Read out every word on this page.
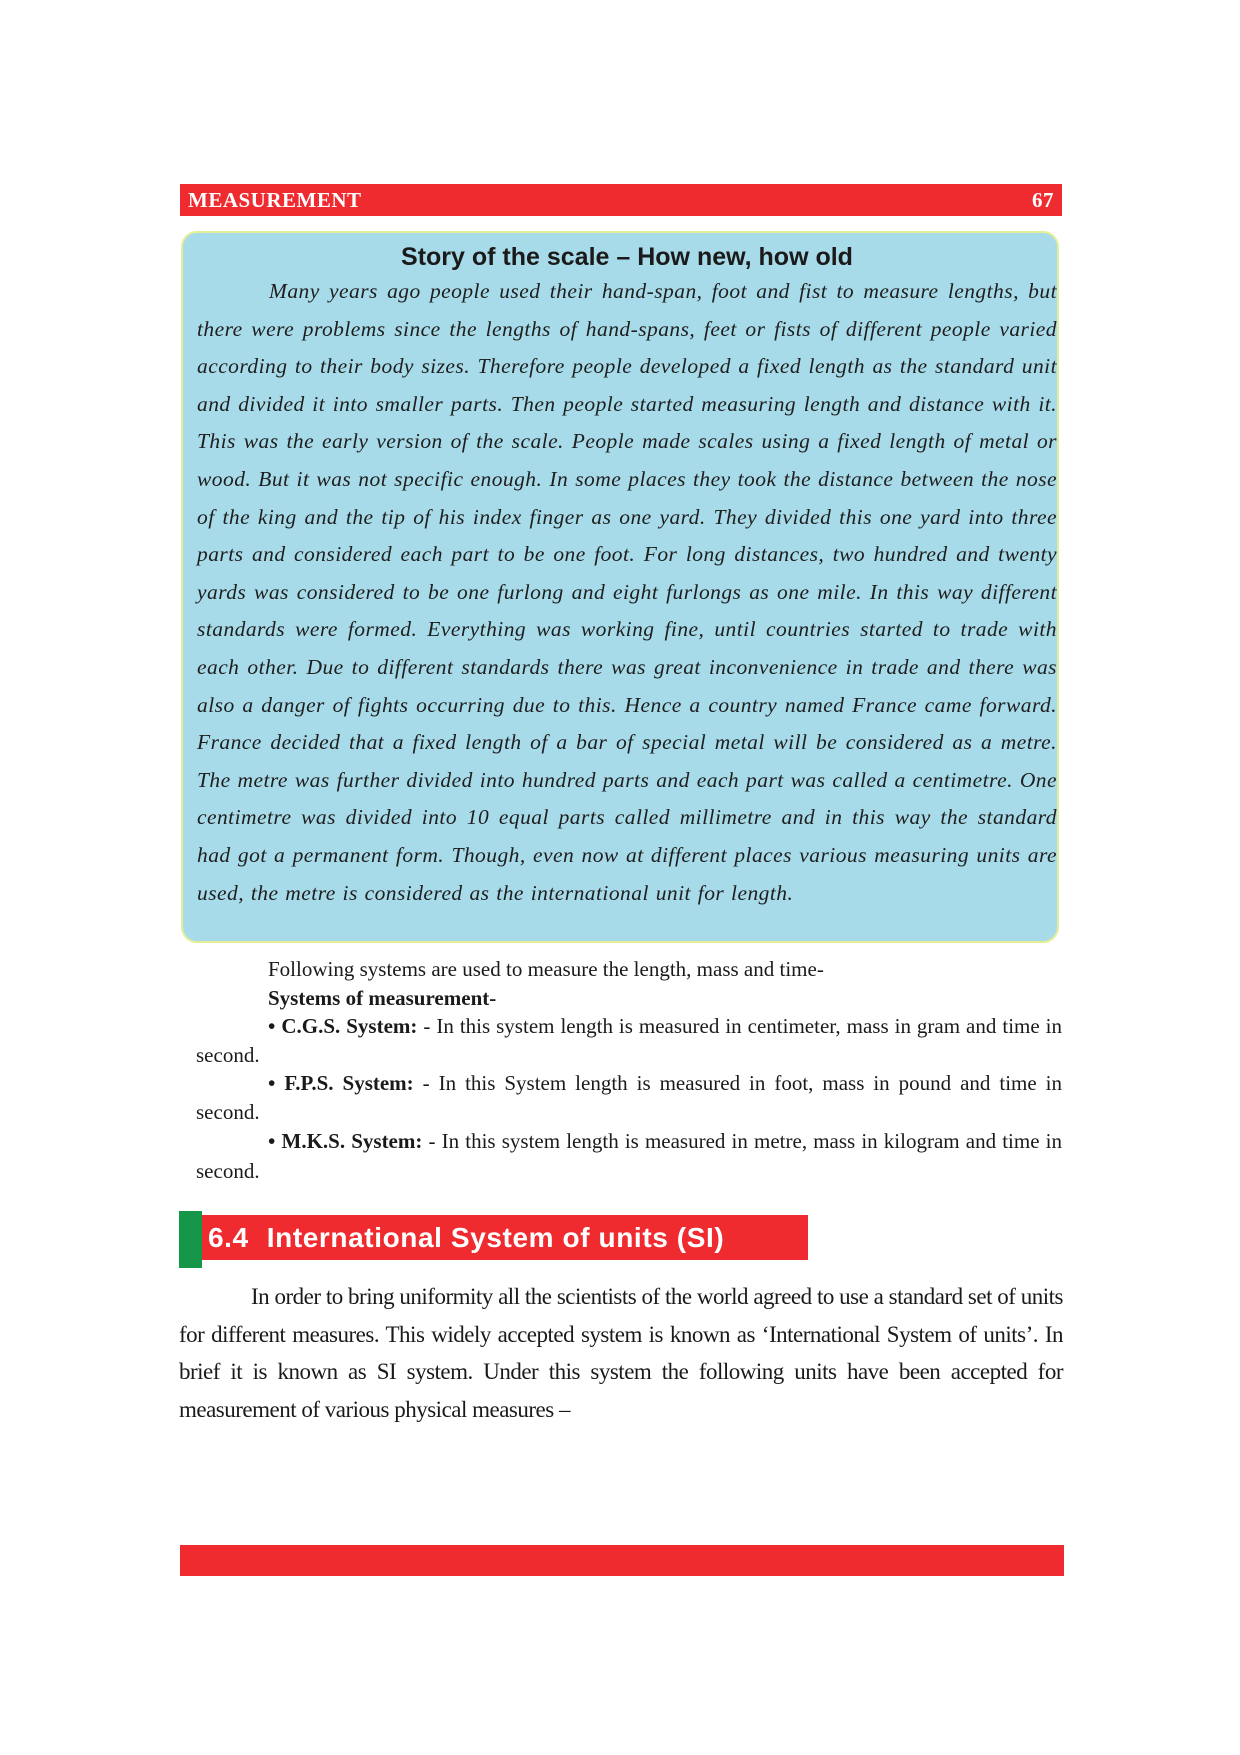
MEASUREMENT	67
Story of the scale – How new, how old

Many years ago people used their hand-span, foot and fist to measure lengths, but there were problems since the lengths of hand-spans, feet or fists of different people varied according to their body sizes. Therefore people developed a fixed length as the standard unit and divided it into smaller parts. Then people started measuring length and distance with it. This was the early version of the scale. People made scales using a fixed length of metal or wood. But it was not specific enough. In some places they took the distance between the nose of the king and the tip of his index finger as one yard. They divided this one yard into three parts and considered each part to be one foot. For long distances, two hundred and twenty yards was considered to be one furlong and eight furlongs as one mile. In this way different standards were formed. Everything was working fine, until countries started to trade with each other. Due to different standards there was great inconvenience in trade and there was also a danger of fights occurring due to this. Hence a country named France came forward. France decided that a fixed length of a bar of special metal will be considered as a metre. The metre was further divided into hundred parts and each part was called a centimetre. One centimetre was divided into 10 equal parts called millimetre and in this way the standard had got a permanent form. Though, even now at different places various measuring units are used, the metre is considered as the international unit for length.

Following systems are used to measure the length, mass and time-

Systems of measurement-

• C.G.S. System: - In this system length is measured in centimeter, mass in gram and time in second.

• F.P.S. System: - In this System length is measured in foot, mass in pound and time in second.

• M.K.S. System: - In this system length is measured in metre, mass in kilogram and time in second.

6.4 International System of units (SI)

In order to bring uniformity all the scientists of the world agreed to use a standard set of units for different measures. This widely accepted system is known as ‘International System of units’. In brief it is known as SI system. Under this system the following units have been accepted for measurement of various physical measures –
